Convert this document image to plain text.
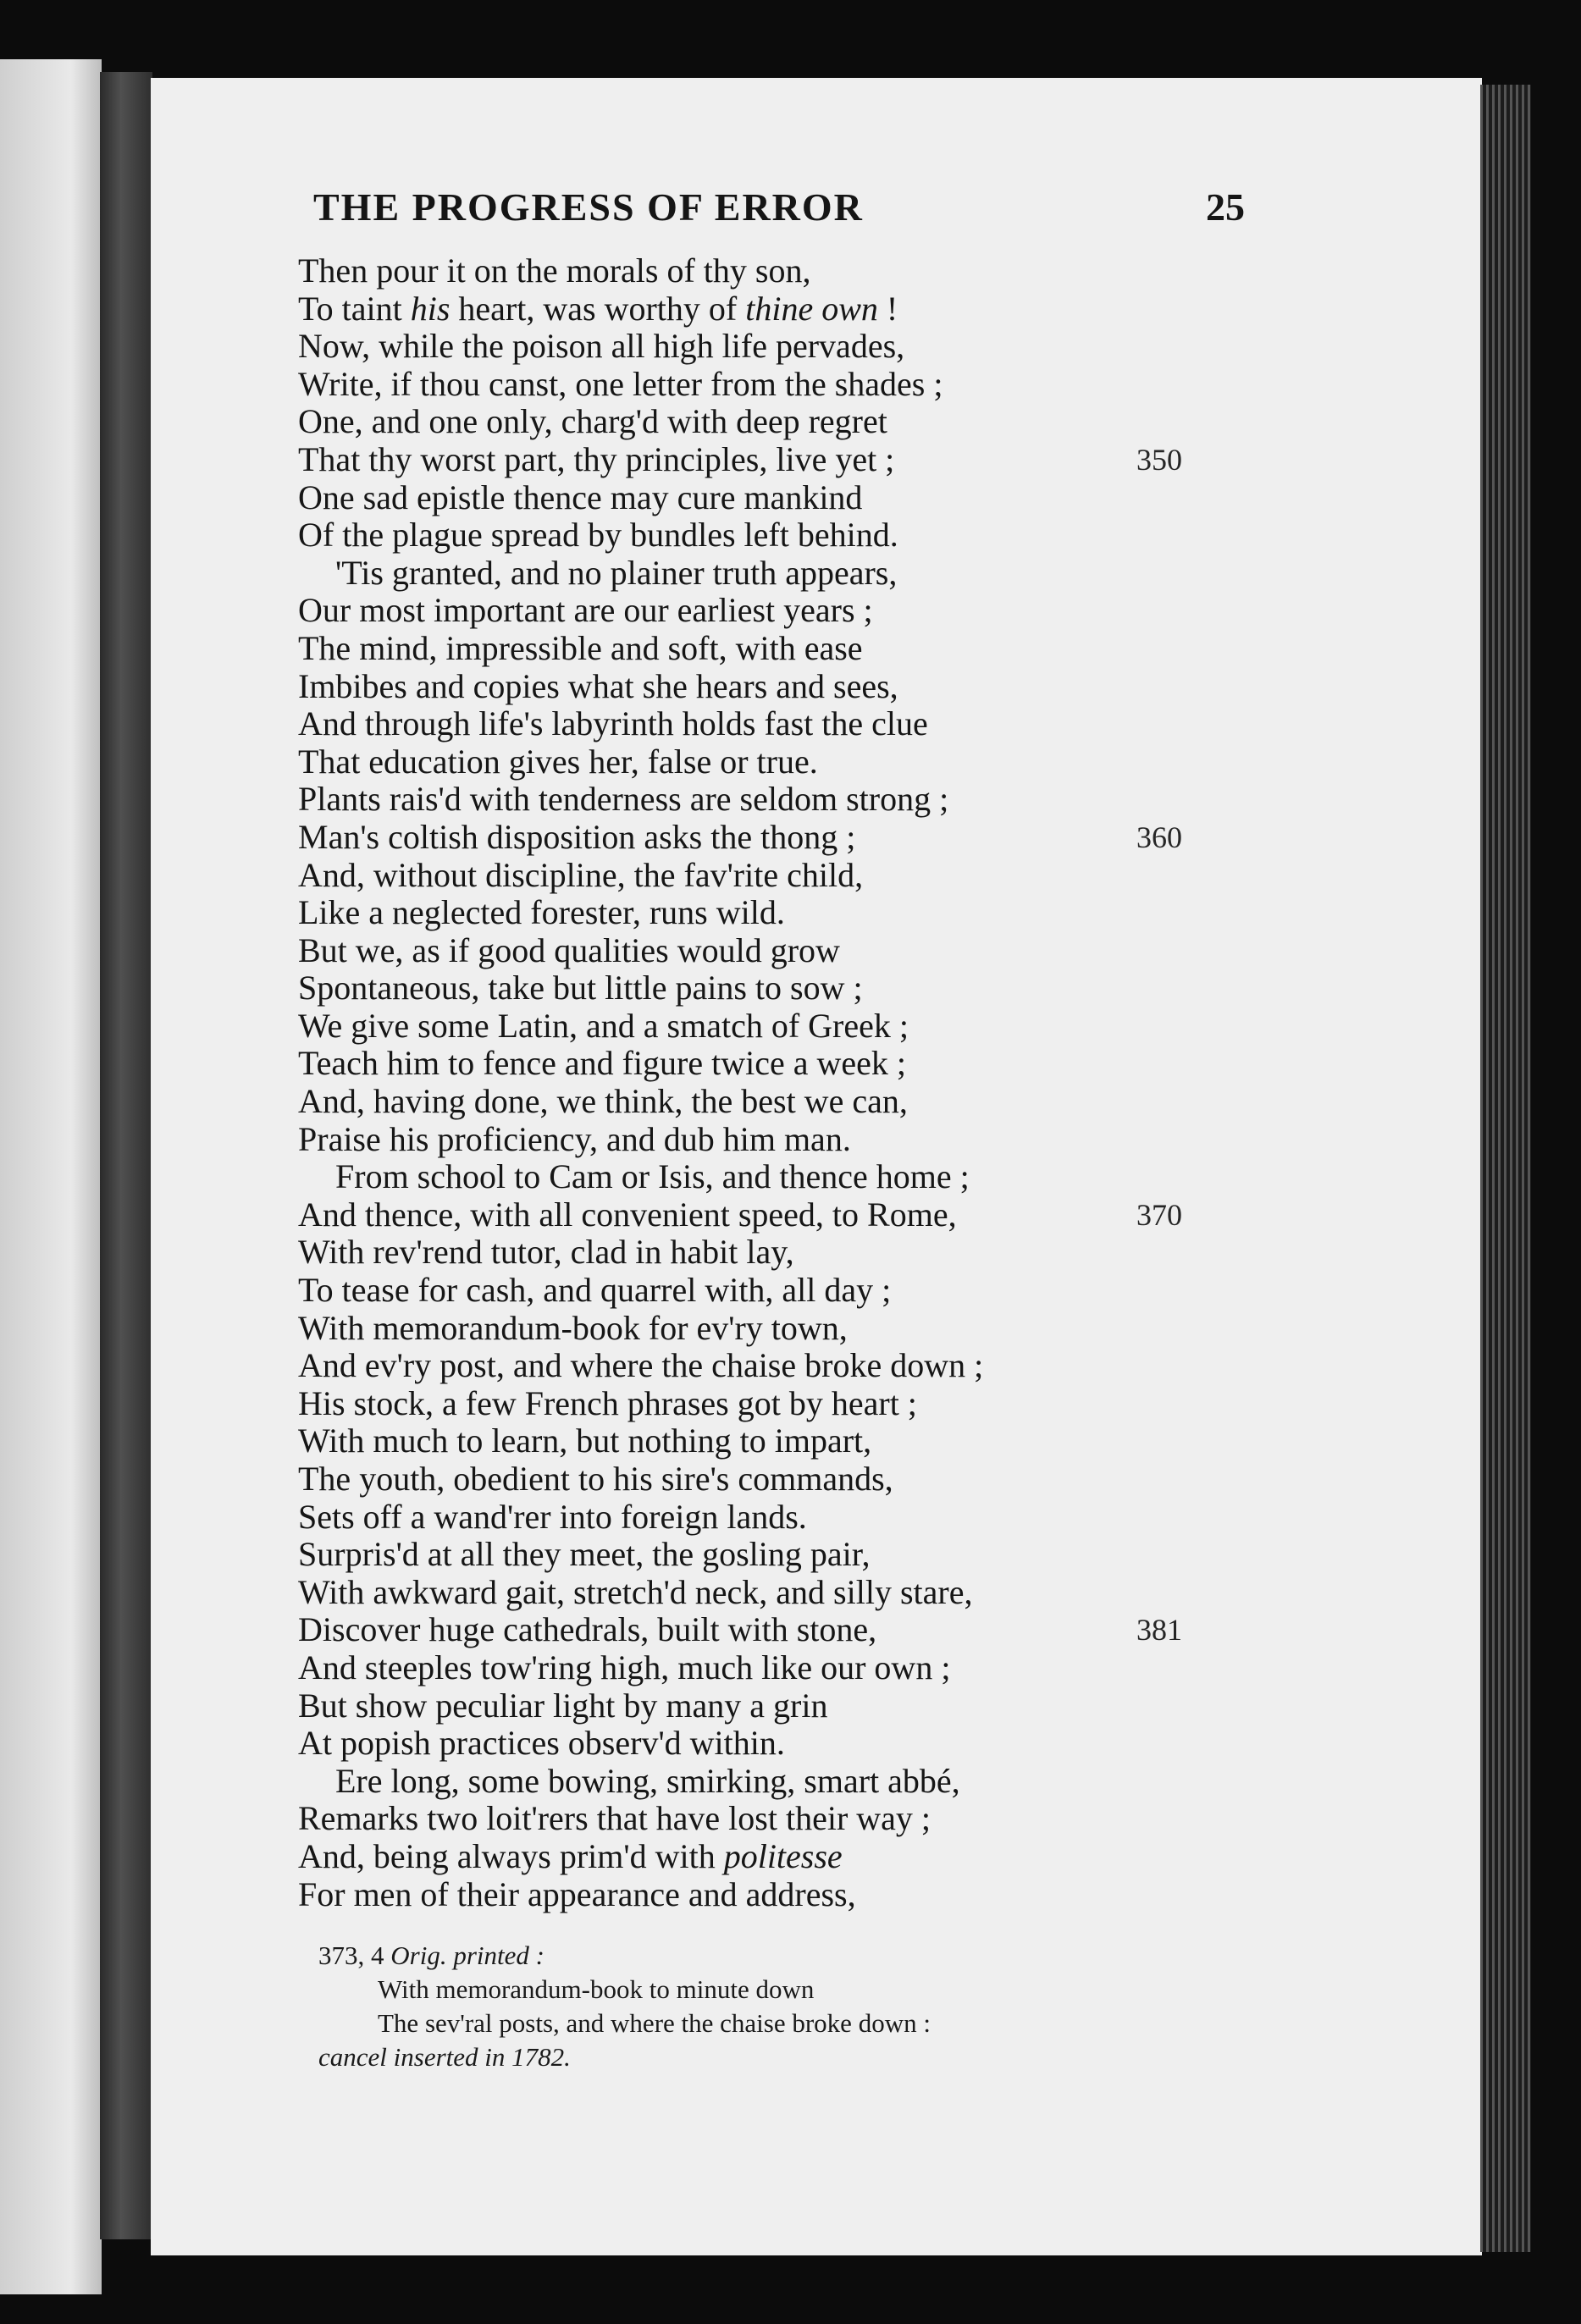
THE PROGRESS OF ERROR	25
Then pour it on the morals of thy son,
To taint his heart, was worthy of thine own !
Now, while the poison all high life pervades,
Write, if thou canst, one letter from the shades ;
One, and one only, charg'd with deep regret
That thy worst part, thy principles, live yet ;	350
One sad epistle thence may cure mankind
Of the plague spread by bundles left behind.
'Tis granted, and no plainer truth appears,
Our most important are our earliest years ;
The mind, impressible and soft, with ease
Imbibes and copies what she hears and sees,
And through life's labyrinth holds fast the clue
That education gives her, false or true.
Plants rais'd with tenderness are seldom strong ;
Man's coltish disposition asks the thong ;	360
And, without discipline, the fav'rite child,
Like a neglected forester, runs wild.
But we, as if good qualities would grow
Spontaneous, take but little pains to sow ;
We give some Latin, and a smatch of Greek ;
Teach him to fence and figure twice a week ;
And, having done, we think, the best we can,
Praise his proficiency, and dub him man.
From school to Cam or Isis, and thence home ;
And thence, with all convenient speed, to Rome,	370
With rev'rend tutor, clad in habit lay,
To tease for cash, and quarrel with, all day ;
With memorandum-book for ev'ry town,
And ev'ry post, and where the chaise broke down ;
His stock, a few French phrases got by heart ;
With much to learn, but nothing to impart,
The youth, obedient to his sire's commands,
Sets off a wand'rer into foreign lands.
Surpris'd at all they meet, the gosling pair,
With awkward gait, stretch'd neck, and silly stare,
Discover huge cathedrals, built with stone,	381
And steeples tow'ring high, much like our own ;
But show peculiar light by many a grin
At popish practices observ'd within.
Ere long, some bowing, smirking, smart abbé,
Remarks two loit'rers that have lost their way ;
And, being always prim'd with politesse
For men of their appearance and address,
373, 4 Orig. printed :
With memorandum-book to minute down
The sev'ral posts, and where the chaise broke down :
cancel inserted in 1782.
